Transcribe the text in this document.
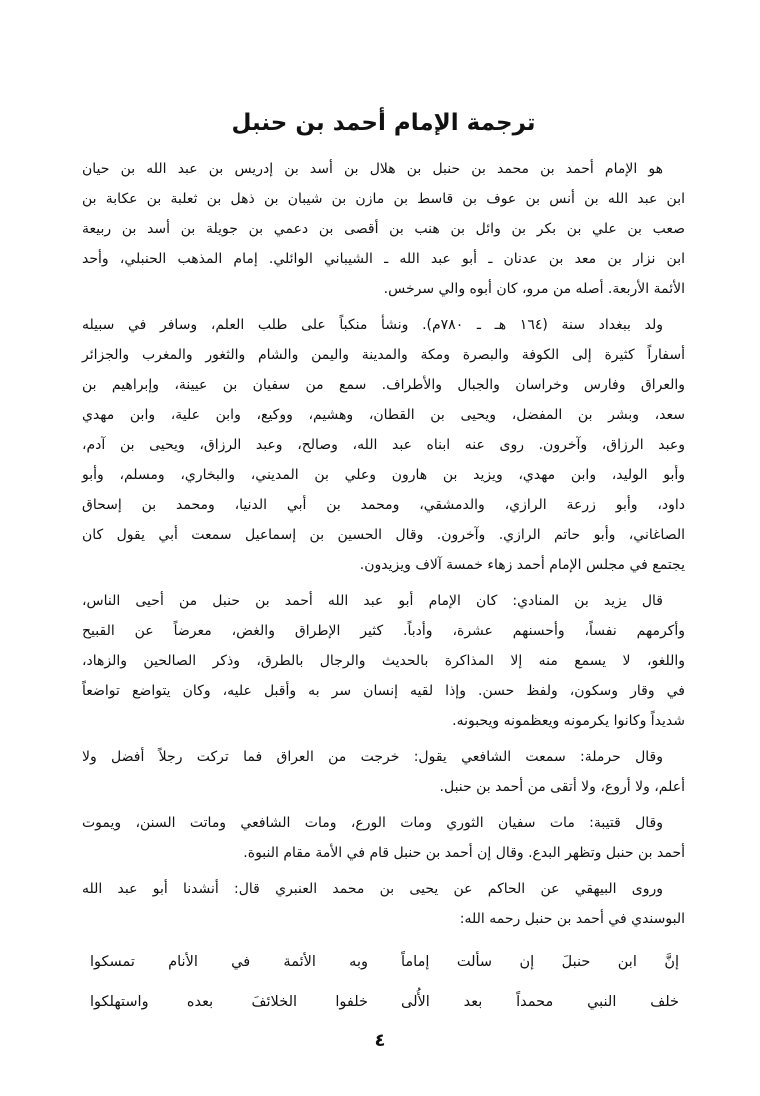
ترجمة الإمام أحمد بن حنبل
هو الإمام أحمد بن محمد بن حنبل بن هلال بن أسد بن إدريس بن عبد الله بن حيان
ابن عبد الله بن أنس بن عوف بن قاسط بن مازن بن شيبان بن ذهل بن ثعلبة بن عكابة بن
صعب بن علي بن بكر بن وائل بن هنب بن أقصى بن دعمي بن جويلة بن أسد بن ربيعة
ابن نزار بن معد بن عدنان ـ أبو عبد الله ـ الشيباني الوائلي. إمام المذهب الحنبلي، وأحد
الأئمة الأربعة. أصله من مرو، كان أبوه والي سرخس.
ولد ببغداد سنة (١٦٤ هـ ـ ٧٨٠م). ونشأ منكباً على طلب العلم، وسافر في سبيله
أسفاراً كثيرة إلى الكوفة والبصرة ومكة والمدينة واليمن والشام والثغور والمغرب والجزائر
والعراق وفارس وخراسان والجبال والأطراف. سمع من سفيان بن عيينة، وإبراهيم بن
سعد، وبشر بن المفضل، ويحيى بن القطان، وهشيم، ووكيع، وابن علية، وابن مهدي
وعبد الرزاق، وآخرون. روى عنه ابناه عبد الله، وصالح، وعبد الرزاق، ويحيى بن آدم،
وأبو الوليد، وابن مهدي، ويزيد بن هارون وعلي بن المديني، والبخاري، ومسلم، وأبو
داود، وأبو زرعة الرازي، والدمشقي، ومحمد بن أبي الدنيا، ومحمد بن إسحاق
الصاغاني، وأبو حاتم الرازي. وآخرون. وقال الحسين بن إسماعيل سمعت أبي يقول كان
يجتمع في مجلس الإمام أحمد زهاء خمسة آلاف ويزيدون.
قال يزيد بن المنادي: كان الإمام أبو عبد الله أحمد بن حنبل من أحيى الناس،
وأكرمهم نفساً، وأحسنهم عشرة، وأدباً. كثير الإطراق والغض، معرضاً عن القبيح
واللغو، لا يسمع منه إلا المذاكرة بالحديث والرجال بالطرق، وذكر الصالحين والزهاد،
في وقار وسكون، ولفظ حسن. وإذا لقيه إنسان سر به وأقبل عليه، وكان يتواضع تواضعاً
شديداً وكانوا يكرمونه ويعظمونه ويحبونه.
وقال حرملة: سمعت الشافعي يقول: خرجت من العراق فما تركت رجلاً أفضل ولا
أعلم، ولا أروع، ولا أتقى من أحمد بن حنبل.
وقال قتيبة: مات سفيان الثوري ومات الورع، ومات الشافعي وماتت السنن، ويموت
أحمد بن حنبل وتظهر البدع. وقال إن أحمد بن حنبل قام في الأمة مقام النبوة.
وروى البيهقي عن الحاكم عن يحيى بن محمد العنبري قال: أنشدنا أبو عبد الله
البوسندي في أحمد بن حنبل رحمه الله:
إنَّ ابن حنبلَ إن سألت إماماً
وبه الأئمة في الأنام تمسكوا
خلف النبي محمداً بعد الأُلى
خلفوا الخلائفَ بعده واستهلكوا
٤
